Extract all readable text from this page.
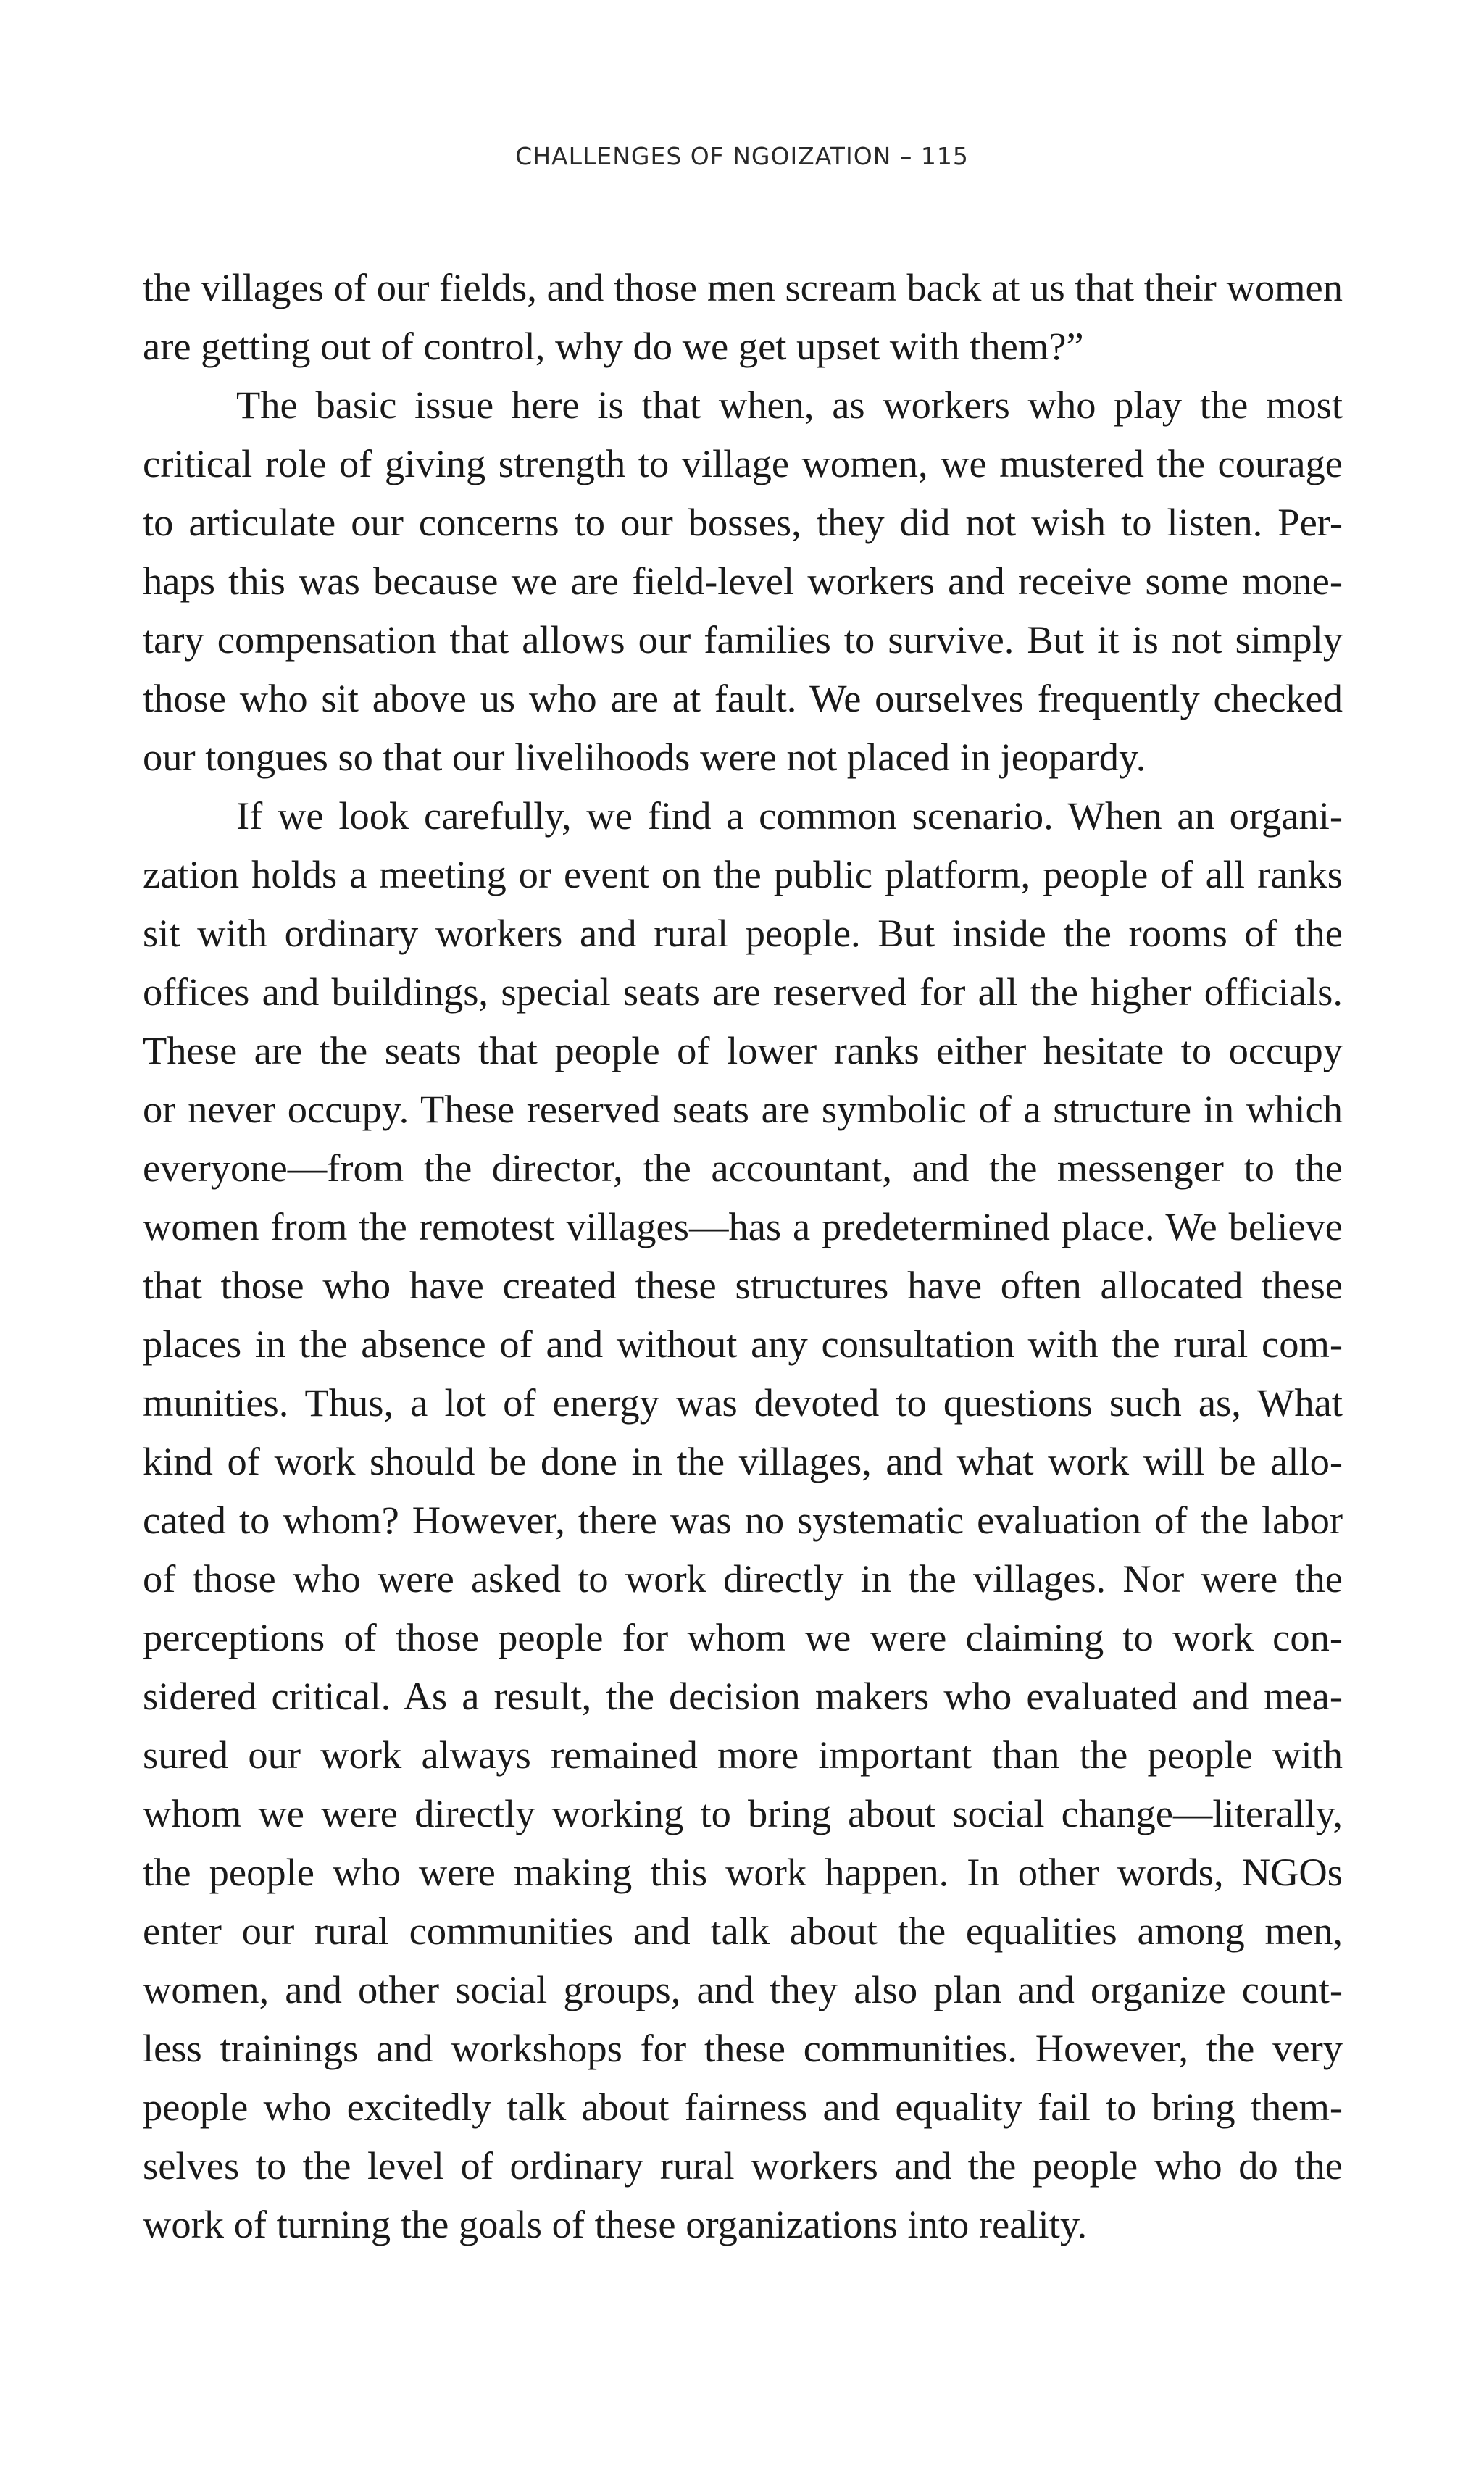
CHALLENGES OF NGOIZATION – 115
the villages of our fields, and those men scream back at us that their women
are getting out of control, why do we get upset with them?”
The basic issue here is that when, as workers who play the most
critical role of giving strength to village women, we mustered the courage
to articulate our concerns to our bosses, they did not wish to listen. Per-
haps this was because we are field-level workers and receive some mone-
tary compensation that allows our families to survive. But it is not simply
those who sit above us who are at fault. We ourselves frequently checked
our tongues so that our livelihoods were not placed in jeopardy.
If we look carefully, we find a common scenario. When an organi-
zation holds a meeting or event on the public platform, people of all ranks
sit with ordinary workers and rural people. But inside the rooms of the
offices and buildings, special seats are reserved for all the higher officials.
These are the seats that people of lower ranks either hesitate to occupy
or never occupy. These reserved seats are symbolic of a structure in which
everyone—from the director, the accountant, and the messenger to the
women from the remotest villages—has a predetermined place. We believe
that those who have created these structures have often allocated these
places in the absence of and without any consultation with the rural com-
munities. Thus, a lot of energy was devoted to questions such as, What
kind of work should be done in the villages, and what work will be allo-
cated to whom? However, there was no systematic evaluation of the labor
of those who were asked to work directly in the villages. Nor were the
perceptions of those people for whom we were claiming to work con-
sidered critical. As a result, the decision makers who evaluated and mea-
sured our work always remained more important than the people with
whom we were directly working to bring about social change—literally,
the people who were making this work happen. In other words, NGOs
enter our rural communities and talk about the equalities among men,
women, and other social groups, and they also plan and organize count-
less trainings and workshops for these communities. However, the very
people who excitedly talk about fairness and equality fail to bring them-
selves to the level of ordinary rural workers and the people who do the
work of turning the goals of these organizations into reality.
